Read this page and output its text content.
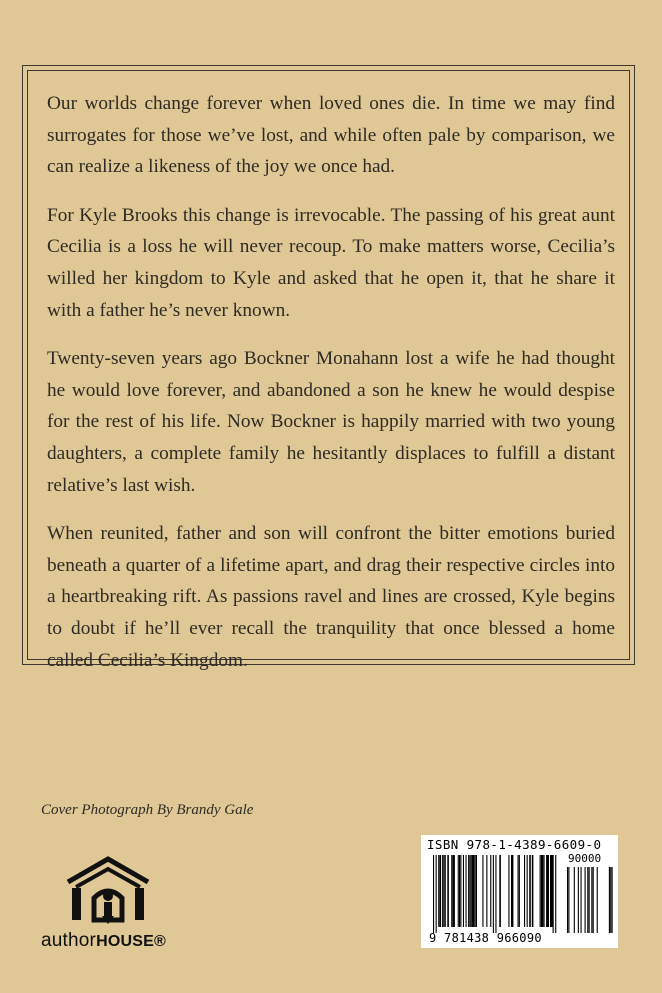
Our worlds change forever when loved ones die. In time we may find surrogates for those we’ve lost, and while often pale by comparison, we can realize a likeness of the joy we once had.

For Kyle Brooks this change is irrevocable. The passing of his great aunt Cecilia is a loss he will never recoup. To make matters worse, Cecilia’s willed her kingdom to Kyle and asked that he open it, that he share it with a father he’s never known.

Twenty-seven years ago Bockner Monahann lost a wife he had thought he would love forever, and abandoned a son he knew he would despise for the rest of his life. Now Bockner is happily married with two young daughters, a complete family he hesitantly displaces to fulfill a distant relative’s last wish.

When reunited, father and son will confront the bitter emotions buried beneath a quarter of a lifetime apart, and drag their respective circles into a heartbreaking rift. As passions ravel and lines are crossed, Kyle begins to doubt if he’ll ever recall the tranquility that once blessed a home called Cecilia’s Kingdom.

Cover Photograph By Brandy Gale
authorHOUSE®
ISBN 978-1-4389-6609-0
90000
9 781438 966090
